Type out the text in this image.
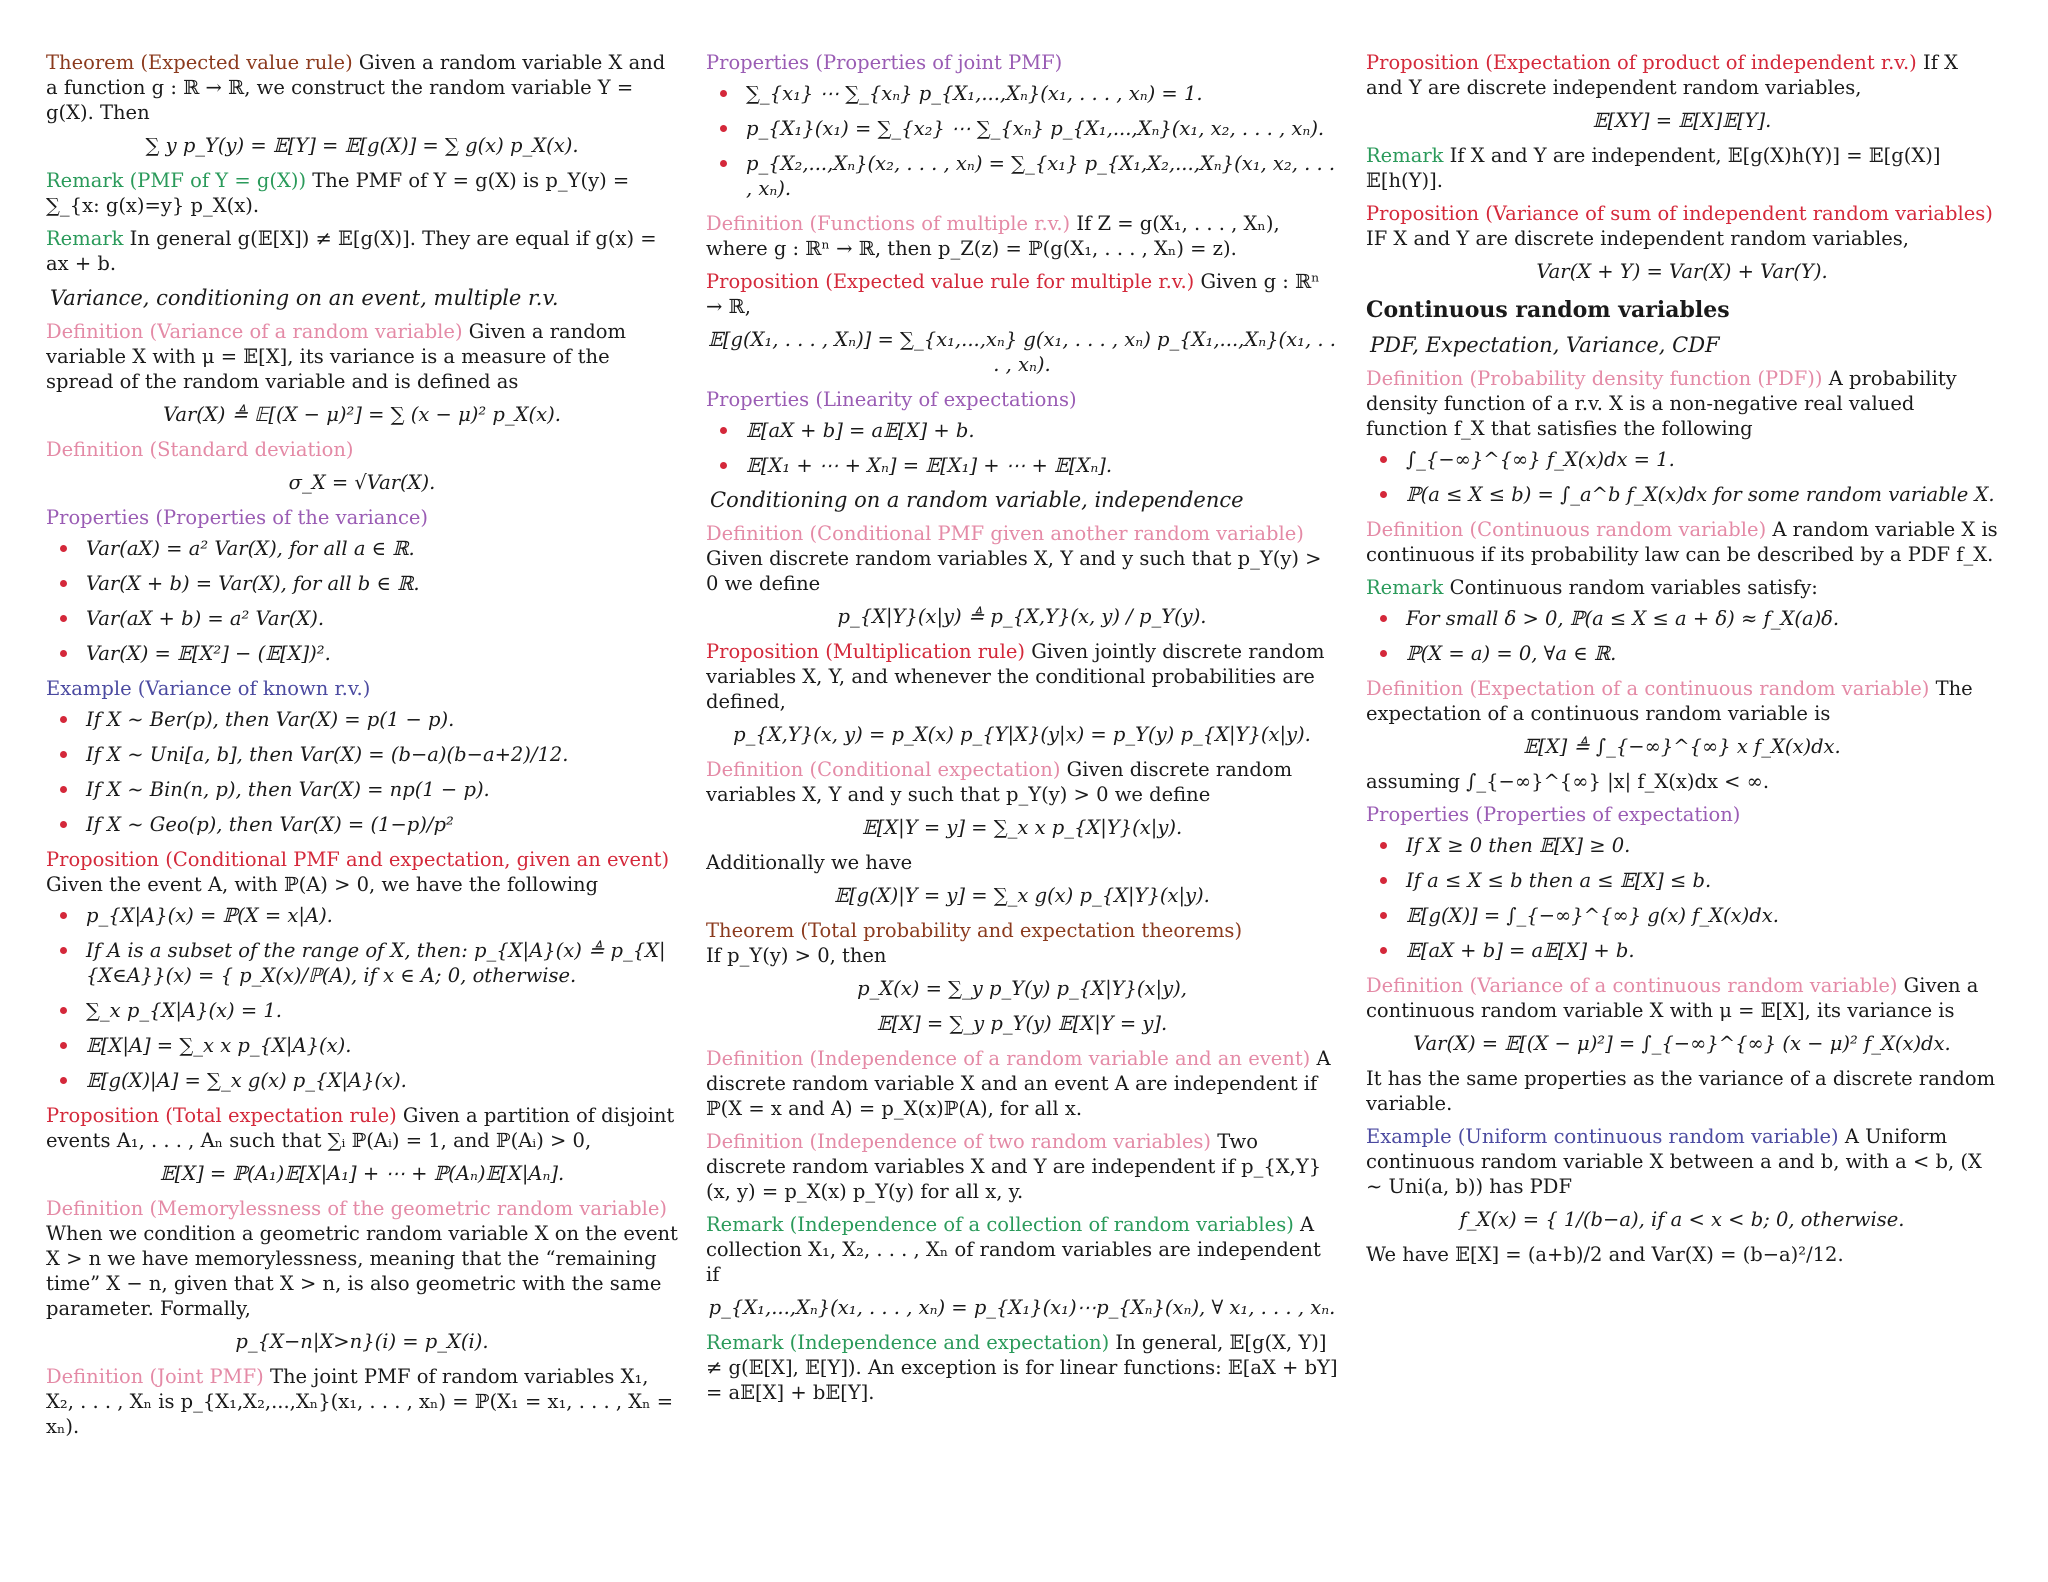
Theorem (Expected value rule) Given a random variable X and a function g : ℝ → ℝ, we construct the random variable Y = g(X). Then
∑ y p_Y(y) = 𝔼[Y] = 𝔼[g(X)] = ∑ g(x) p_X(x).
Remark (PMF of Y = g(X)) The PMF of Y = g(X) is p_Y(y) = ∑_{x: g(x)=y} p_X(x).
Remark In general g(𝔼[X]) ≠ 𝔼[g(X)]. They are equal if g(x) = ax + b.
Variance, conditioning on an event, multiple r.v.
Definition (Variance of a random variable) Given a random variable X with μ = 𝔼[X], its variance is a measure of the spread of the random variable and is defined as
Var(X) ≜ 𝔼[(X − μ)²] = ∑ (x − μ)² p_X(x).
Definition (Standard deviation)
σ_X = √Var(X).
Properties (Properties of the variance)
Var(aX) = a² Var(X), for all a ∈ ℝ.
Var(X + b) = Var(X), for all b ∈ ℝ.
Var(aX + b) = a² Var(X).
Var(X) = 𝔼[X²] − (𝔼[X])².
Example (Variance of known r.v.)
If X ∼ Ber(p), then Var(X) = p(1 − p).
If X ∼ Uni[a, b], then Var(X) = (b−a)(b−a+2)/12.
If X ∼ Bin(n, p), then Var(X) = np(1 − p).
If X ∼ Geo(p), then Var(X) = (1−p)/p²
Proposition (Conditional PMF and expectation, given an event)
Given the event A, with ℙ(A) > 0, we have the following
p_{X|A}(x) = ℙ(X = x|A).
If A is a subset of the range of X, then: p_{X|A}(x) ≜ p_{X|{X∈A}}(x) = { p_X(x)/ℙ(A), if x ∈ A; 0, otherwise.
∑_x p_{X|A}(x) = 1.
𝔼[X|A] = ∑_x x p_{X|A}(x).
𝔼[g(X)|A] = ∑_x g(x) p_{X|A}(x).
Proposition (Total expectation rule) Given a partition of disjoint events A₁, . . . , Aₙ such that ∑ᵢ ℙ(Aᵢ) = 1, and ℙ(Aᵢ) > 0,
𝔼[X] = ℙ(A₁)𝔼[X|A₁] + ⋯ + ℙ(Aₙ)𝔼[X|Aₙ].
Definition (Memorylessness of the geometric random variable)
When we condition a geometric random variable X on the event X > n we have memorylessness, meaning that the “remaining time” X − n, given that X > n, is also geometric with the same parameter. Formally,
p_{X−n|X>n}(i) = p_X(i).
Definition (Joint PMF) The joint PMF of random variables X₁, X₂, . . . , Xₙ is p_{X₁,X₂,...,Xₙ}(x₁, . . . , xₙ) = ℙ(X₁ = x₁, . . . , Xₙ = xₙ).
Properties (Properties of joint PMF)
∑_{x₁} ⋯ ∑_{xₙ} p_{X₁,...,Xₙ}(x₁, . . . , xₙ) = 1.
p_{X₁}(x₁) = ∑_{x₂} ⋯ ∑_{xₙ} p_{X₁,...,Xₙ}(x₁, x₂, . . . , xₙ).
p_{X₂,...,Xₙ}(x₂, . . . , xₙ) = ∑_{x₁} p_{X₁,X₂,...,Xₙ}(x₁, x₂, . . . , xₙ).
Definition (Functions of multiple r.v.) If Z = g(X₁, . . . , Xₙ), where g : ℝⁿ → ℝ, then p_Z(z) = ℙ(g(X₁, . . . , Xₙ) = z).
Proposition (Expected value rule for multiple r.v.) Given g : ℝⁿ → ℝ,
𝔼[g(X₁, . . . , Xₙ)] = ∑_{x₁,...,xₙ} g(x₁, . . . , xₙ) p_{X₁,...,Xₙ}(x₁, . . . , xₙ).
Properties (Linearity of expectations)
𝔼[aX + b] = a𝔼[X] + b.
𝔼[X₁ + ⋯ + Xₙ] = 𝔼[X₁] + ⋯ + 𝔼[Xₙ].
Conditioning on a random variable, independence
Definition (Conditional PMF given another random variable)
Given discrete random variables X, Y and y such that p_Y(y) > 0 we define
p_{X|Y}(x|y) ≜ p_{X,Y}(x, y) / p_Y(y).
Proposition (Multiplication rule) Given jointly discrete random variables X, Y, and whenever the conditional probabilities are defined,
p_{X,Y}(x, y) = p_X(x) p_{Y|X}(y|x) = p_Y(y) p_{X|Y}(x|y).
Definition (Conditional expectation) Given discrete random variables X, Y and y such that p_Y(y) > 0 we define
𝔼[X|Y = y] = ∑_x x p_{X|Y}(x|y).
Additionally we have
𝔼[g(X)|Y = y] = ∑_x g(x) p_{X|Y}(x|y).
Theorem (Total probability and expectation theorems)
If p_Y(y) > 0, then
p_X(x) = ∑_y p_Y(y) p_{X|Y}(x|y),
𝔼[X] = ∑_y p_Y(y) 𝔼[X|Y = y].
Definition (Independence of a random variable and an event) A discrete random variable X and an event A are independent if ℙ(X = x and A) = p_X(x)ℙ(A), for all x.
Definition (Independence of two random variables) Two discrete random variables X and Y are independent if p_{X,Y}(x, y) = p_X(x) p_Y(y) for all x, y.
Remark (Independence of a collection of random variables) A collection X₁, X₂, . . . , Xₙ of random variables are independent if
p_{X₁,...,Xₙ}(x₁, . . . , xₙ) = p_{X₁}(x₁)⋯p_{Xₙ}(xₙ), ∀ x₁, . . . , xₙ.
Remark (Independence and expectation) In general, 𝔼[g(X, Y)] ≠ g(𝔼[X], 𝔼[Y]). An exception is for linear functions: 𝔼[aX + bY] = a𝔼[X] + b𝔼[Y].
Proposition (Expectation of product of independent r.v.) If X and Y are discrete independent random variables,
𝔼[XY] = 𝔼[X]𝔼[Y].
Remark If X and Y are independent, 𝔼[g(X)h(Y)] = 𝔼[g(X)] 𝔼[h(Y)].
Proposition (Variance of sum of independent random variables)
IF X and Y are discrete independent random variables,
Var(X + Y) = Var(X) + Var(Y).
Continuous random variables
PDF, Expectation, Variance, CDF
Definition (Probability density function (PDF)) A probability density function of a r.v. X is a non-negative real valued function f_X that satisfies the following
∫_{−∞}^{∞} f_X(x)dx = 1.
ℙ(a ≤ X ≤ b) = ∫_a^b f_X(x)dx for some random variable X.
Definition (Continuous random variable) A random variable X is continuous if its probability law can be described by a PDF f_X.
Remark Continuous random variables satisfy:
For small δ > 0, ℙ(a ≤ X ≤ a + δ) ≈ f_X(a)δ.
ℙ(X = a) = 0, ∀a ∈ ℝ.
Definition (Expectation of a continuous random variable) The expectation of a continuous random variable is
𝔼[X] ≜ ∫_{−∞}^{∞} x f_X(x)dx.
assuming ∫_{−∞}^{∞} |x| f_X(x)dx < ∞.
Properties (Properties of expectation)
If X ≥ 0 then 𝔼[X] ≥ 0.
If a ≤ X ≤ b then a ≤ 𝔼[X] ≤ b.
𝔼[g(X)] = ∫_{−∞}^{∞} g(x) f_X(x)dx.
𝔼[aX + b] = a𝔼[X] + b.
Definition (Variance of a continuous random variable) Given a continuous random variable X with μ = 𝔼[X], its variance is
Var(X) = 𝔼[(X − μ)²] = ∫_{−∞}^{∞} (x − μ)² f_X(x)dx.
It has the same properties as the variance of a discrete random variable.
Example (Uniform continuous random variable) A Uniform continuous random variable X between a and b, with a < b, (X ∼ Uni(a, b)) has PDF
f_X(x) = { 1/(b−a), if a < x < b; 0, otherwise.
We have 𝔼[X] = (a+b)/2 and Var(X) = (b−a)²/12.
